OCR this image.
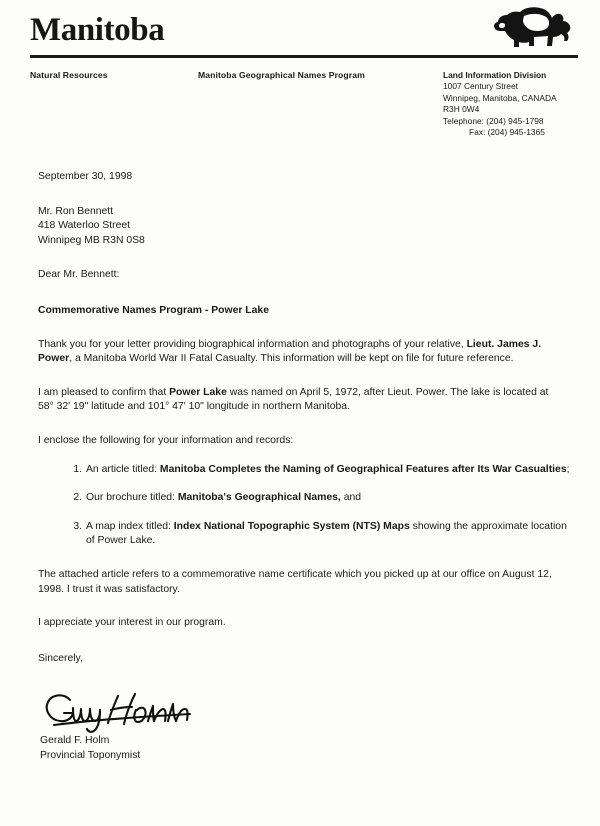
Manitoba
Natural Resources	Manitoba Geographical Names Program	Land Information Division
1007 Century Street
Winnipeg, Manitoba, CANADA
R3H 0W4
Telephone: (204) 945-1798
Fax: (204) 945-1365
September 30, 1998
Mr. Ron Bennett
418 Waterloo Street
Winnipeg MB R3N 0S8
Dear Mr. Bennett:
Commemorative Names Program - Power Lake

Thank you for your letter providing biographical information and photographs of your relative, Lieut. James J. Power, a Manitoba World War II Fatal Casualty. This information will be kept on file for future reference.

I am pleased to confirm that Power Lake was named on April 5, 1972, after Lieut. Power. The lake is located at 58° 32' 19" latitude and 101° 47' 10" longitude in northern Manitoba.

I enclose the following for your information and records:
1. An article titled: Manitoba Completes the Naming of Geographical Features after Its War Casualties;
2. Our brochure titled: Manitoba's Geographical Names, and
3. A map index titled: Index National Topographic System (NTS) Maps showing the approximate location of Power Lake.

The attached article refers to a commemorative name certificate which you picked up at our office on August 12, 1998. I trust it was satisfactory.

I appreciate your interest in our program.

Sincerely,
Gerald F. Holm
Provincial Toponymist
